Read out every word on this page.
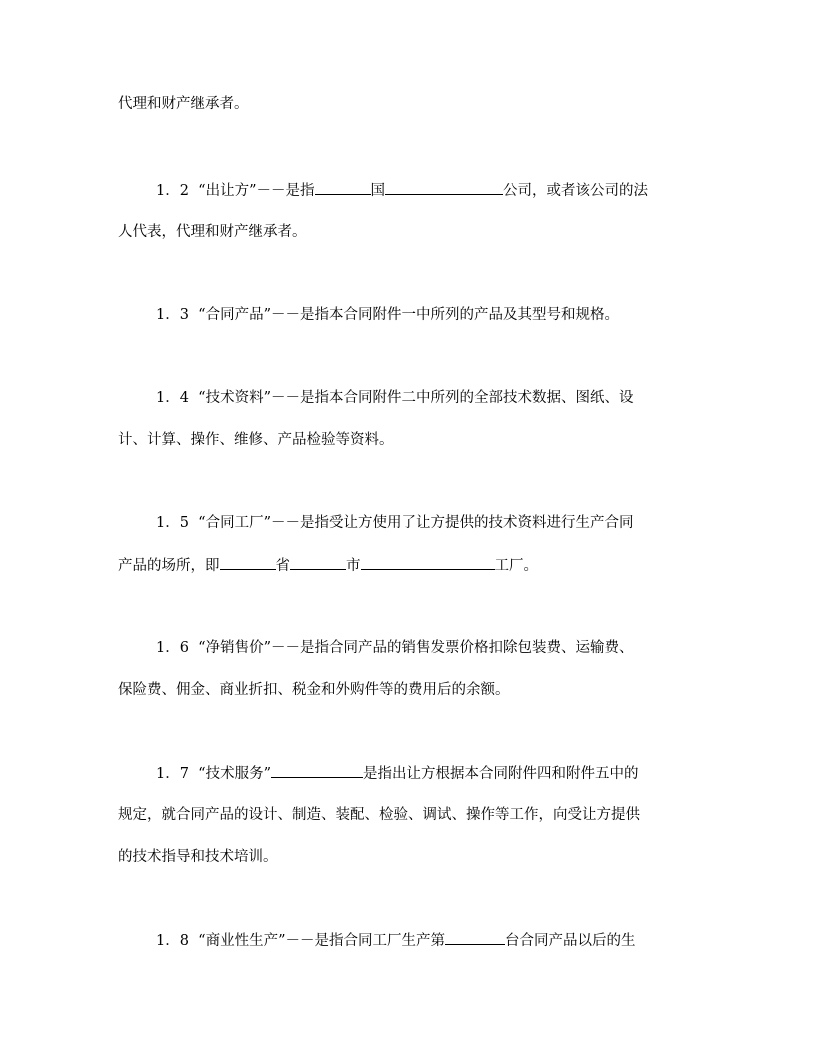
代理和财产继承者。
1．2 “出让方”－－是指	国	公司，或者该公司的法
人代表，代理和财产继承者。
1．3 “合同产品”－－是指本合同附件一中所列的产品及其型号和规格。
1．4 “技术资料”－－是指本合同附件二中所列的全部技术数据、图纸、设
计、计算、操作、维修、产品检验等资料。
1．5 “合同工厂”－－是指受让方使用了让方提供的技术资料进行生产合同
产品的场所，即	省	市	工厂。
1．6 “净销售价”－－是指合同产品的销售发票价格扣除包装费、运输费、
保险费、佣金、商业折扣、税金和外购件等的费用后的余额。
1．7 “技术服务”	是指出让方根据本合同附件四和附件五中的
规定，就合同产品的设计、制造、装配、检验、调试、操作等工作，向受让方提供
的技术指导和技术培训。
1．8 “商业性生产”－－是指合同工厂生产第	台合同产品以后的生
